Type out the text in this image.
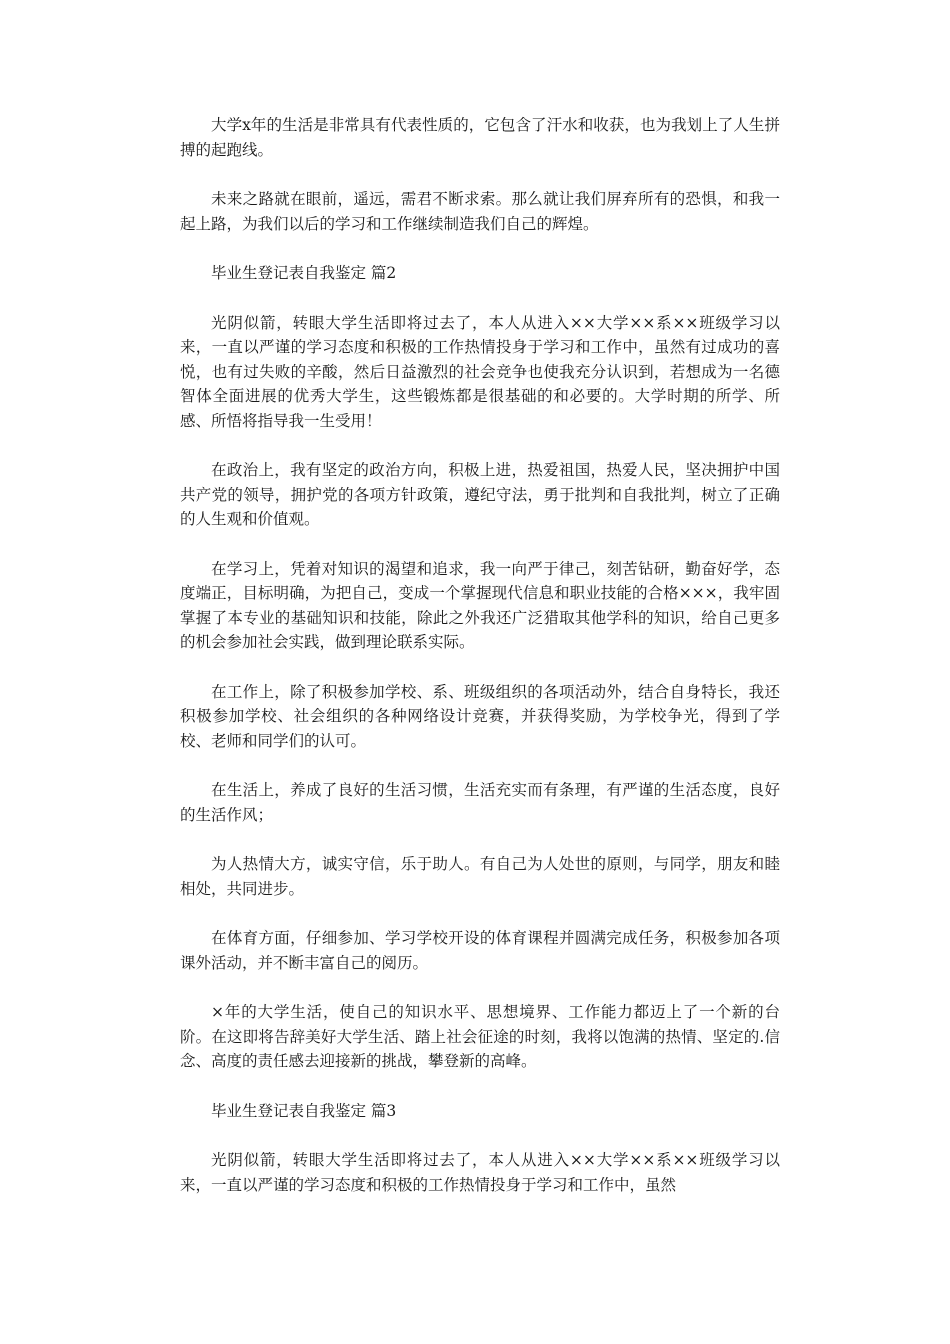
大学x年的生活是非常具有代表性质的，它包含了汗水和收获，也为我划上了人生拼搏的起跑线。

未来之路就在眼前，遥远，需君不断求索。那么就让我们屏弃所有的恐惧，和我一起上路，为我们以后的学习和工作继续制造我们自己的辉煌。

毕业生登记表自我鉴定 篇2

光阴似箭，转眼大学生活即将过去了，本人从进入××大学××系××班级学习以来，一直以严谨的学习态度和积极的工作热情投身于学习和工作中，虽然有过成功的喜悦，也有过失败的辛酸，然后日益激烈的社会竞争也使我充分认识到，若想成为一名德智体全面进展的优秀大学生，这些锻炼都是很基础的和必要的。大学时期的所学、所感、所悟将指导我一生受用！

在政治上，我有坚定的政治方向，积极上进，热爱祖国，热爱人民，坚决拥护中国共产党的领导，拥护党的各项方针政策，遵纪守法，勇于批判和自我批判，树立了正确的人生观和价值观。

在学习上，凭着对知识的渴望和追求，我一向严于律己，刻苦钻研，勤奋好学，态度端正，目标明确，为把自己，变成一个掌握现代信息和职业技能的合格×××，我牢固掌握了本专业的基础知识和技能，除此之外我还广泛猎取其他学科的知识，给自己更多的机会参加社会实践，做到理论联系实际。

在工作上，除了积极参加学校、系、班级组织的各项活动外，结合自身特长，我还积极参加学校、社会组织的各种网络设计竞赛，并获得奖励，为学校争光，得到了学校、老师和同学们的认可。

在生活上，养成了良好的生活习惯，生活充实而有条理，有严谨的生活态度，良好的生活作风；

为人热情大方，诚实守信，乐于助人。有自己为人处世的原则，与同学，朋友和睦相处，共同进步。

在体育方面，仔细参加、学习学校开设的体育课程并圆满完成任务，积极参加各项课外活动，并不断丰富自己的阅历。

×年的大学生活，使自己的知识水平、思想境界、工作能力都迈上了一个新的台阶。在这即将告辞美好大学生活、踏上社会征途的时刻，我将以饱满的热情、坚定的.信念、高度的责任感去迎接新的挑战，攀登新的高峰。

毕业生登记表自我鉴定 篇3

光阴似箭，转眼大学生活即将过去了，本人从进入××大学××系××班级学习以来，一直以严谨的学习态度和积极的工作热情投身于学习和工作中，虽然
